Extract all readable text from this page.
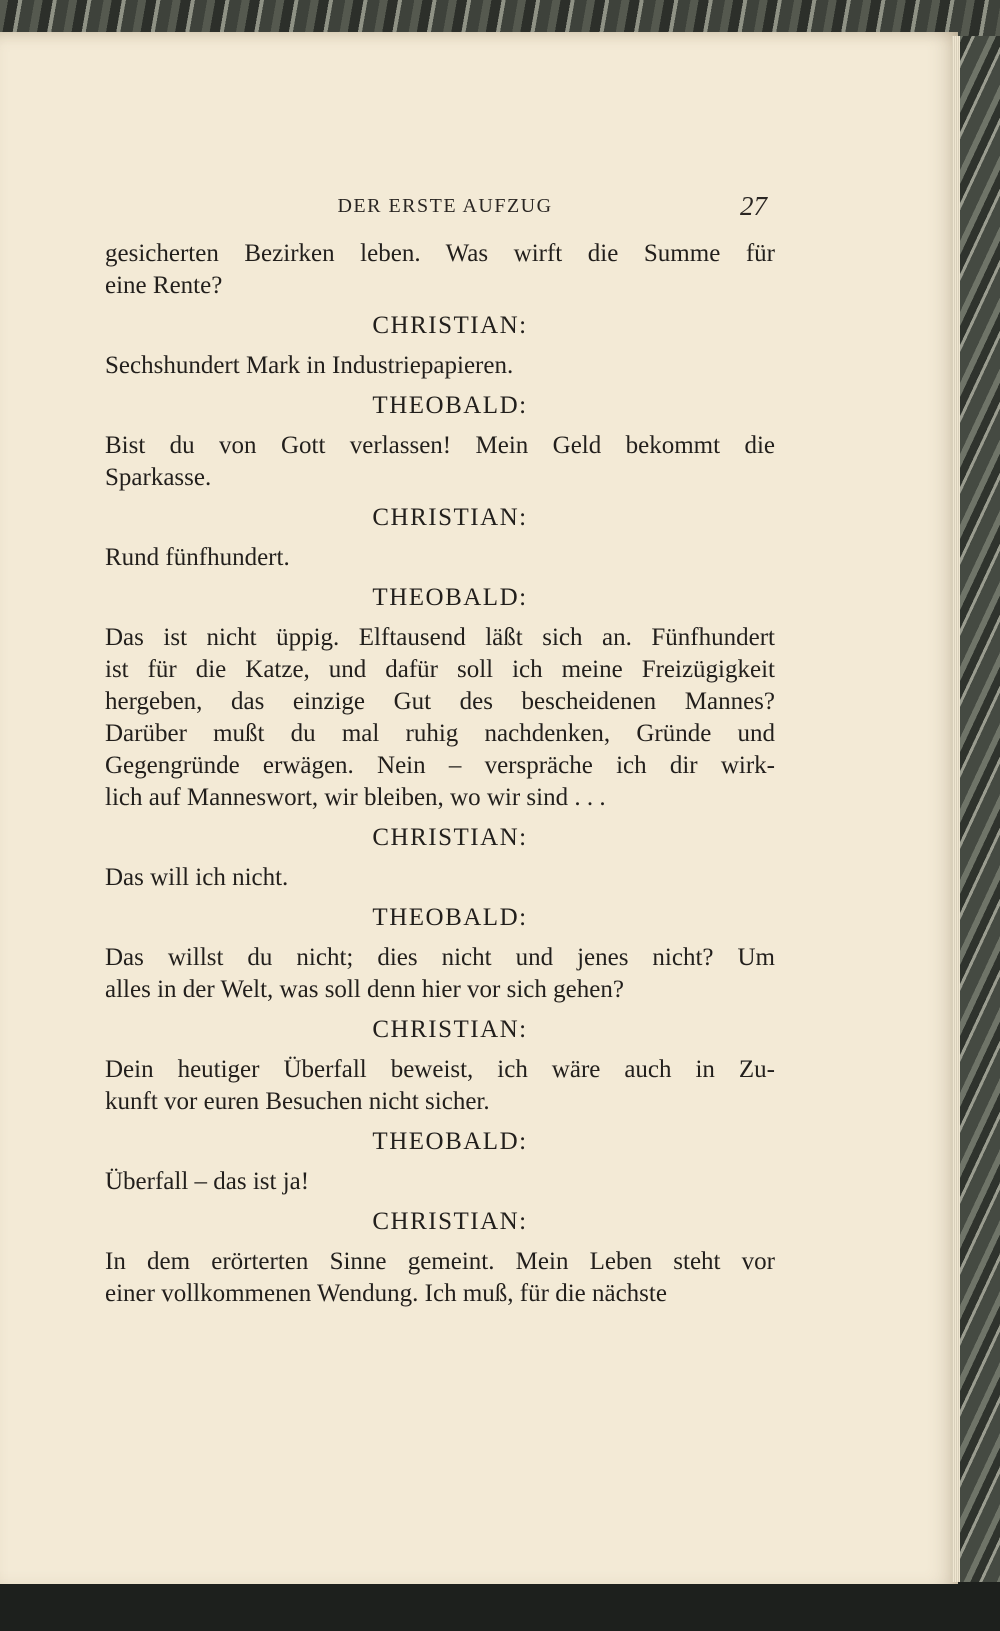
DER ERSTE AUFZUG	27
gesicherten Bezirken leben. Was wirft die Summe für
eine Rente?
CHRISTIAN:
Sechshundert Mark in Industriepapieren.
THEOBALD:
Bist du von Gott verlassen! Mein Geld bekommt die
Sparkasse.
CHRISTIAN:
Rund fünfhundert.
THEOBALD:
Das ist nicht üppig. Elftausend läßt sich an. Fünfhundert
ist für die Katze, und dafür soll ich meine Freizügigkeit
hergeben, das einzige Gut des bescheidenen Mannes?
Darüber mußt du mal ruhig nachdenken, Gründe und
Gegengründe erwägen. Nein – verspräche ich dir wirk-
lich auf Manneswort, wir bleiben, wo wir sind . . .
CHRISTIAN:
Das will ich nicht.
THEOBALD:
Das willst du nicht; dies nicht und jenes nicht? Um
alles in der Welt, was soll denn hier vor sich gehen?
CHRISTIAN:
Dein heutiger Überfall beweist, ich wäre auch in Zu-
kunft vor euren Besuchen nicht sicher.
THEOBALD:
Überfall – das ist ja!
CHRISTIAN:
In dem erörterten Sinne gemeint. Mein Leben steht vor
einer vollkommenen Wendung. Ich muß, für die nächste
